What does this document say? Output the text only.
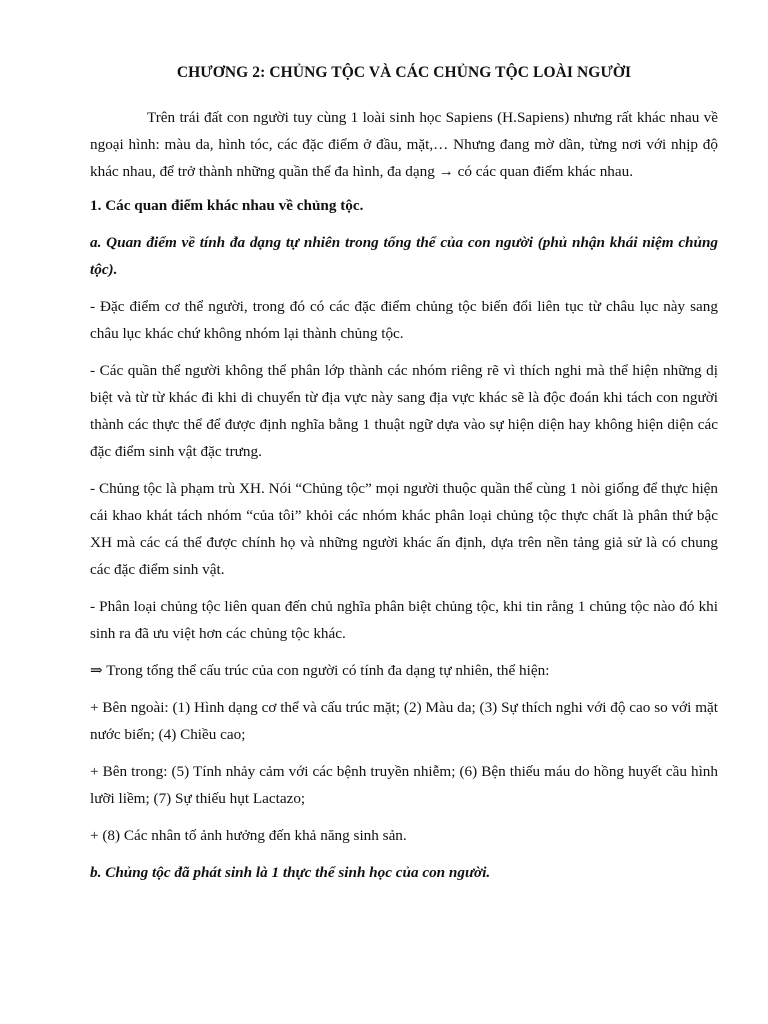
CHƯƠNG 2: CHỦNG TỘC VÀ CÁC CHỦNG TỘC LOÀI NGƯỜI
Trên trái đất con người tuy cùng 1 loài sinh học Sapiens (H.Sapiens) nhưng rất khác nhau về ngoại hình: màu da, hình tóc, các đặc điểm ở đầu, mặt,… Nhưng đang mờ dần, từng nơi với nhịp độ khác nhau, để trở thành những quần thể đa hình, đa dạng → có các quan điểm khác nhau.
1. Các quan điểm khác nhau về chủng tộc.
a. Quan điểm về tính đa dạng tự nhiên trong tổng thể của con người (phủ nhận khái niệm chủng tộc).
- Đặc điểm cơ thể người, trong đó có các đặc điểm chủng tộc biến đổi liên tục từ châu lục này sang châu lục khác chứ không nhóm lại thành chủng tộc.
- Các quần thể người không thể phân lớp thành các nhóm riêng rẽ vì thích nghi mà thể hiện những dị biệt và từ từ khác đi khi di chuyển từ địa vực này sang địa vực khác sẽ là độc đoán khi tách con người thành các thực thể để được định nghĩa bằng 1 thuật ngữ dựa vào sự hiện diện hay không hiện diện các đặc điểm sinh vật đặc trưng.
- Chủng tộc là phạm trù XH. Nói “Chủng tộc” mọi người thuộc quần thể cùng 1 nòi giống để thực hiện cái khao khát tách nhóm “của tôi” khỏi các nhóm khác phân loại chủng tộc thực chất là phân thứ bậc XH mà các cá thể được chính họ và những người khác ấn định, dựa trên nền tảng giả sử là có chung các đặc điểm sinh vật.
- Phân loại chủng tộc liên quan đến chủ nghĩa phân biệt chủng tộc, khi tin rằng 1 chủng tộc nào đó khi sinh ra đã ưu việt hơn các chủng tộc khác.
⇒ Trong tổng thể cấu trúc của con người có tính đa dạng tự nhiên, thể hiện:
+ Bên ngoài: (1) Hình dạng cơ thể và cấu trúc mặt; (2) Màu da; (3) Sự thích nghi với độ cao so với mặt nước biển; (4) Chiều cao;
+ Bên trong: (5) Tính nhảy cảm với các bệnh truyền nhiễm; (6) Bện thiếu máu do hồng huyết cầu hình lưỡi liềm; (7) Sự thiếu hụt Lactazo;
+ (8) Các nhân tố ảnh hưởng đến khả năng sinh sản.
b. Chủng tộc đã phát sinh là 1 thực thể sinh học của con người.
